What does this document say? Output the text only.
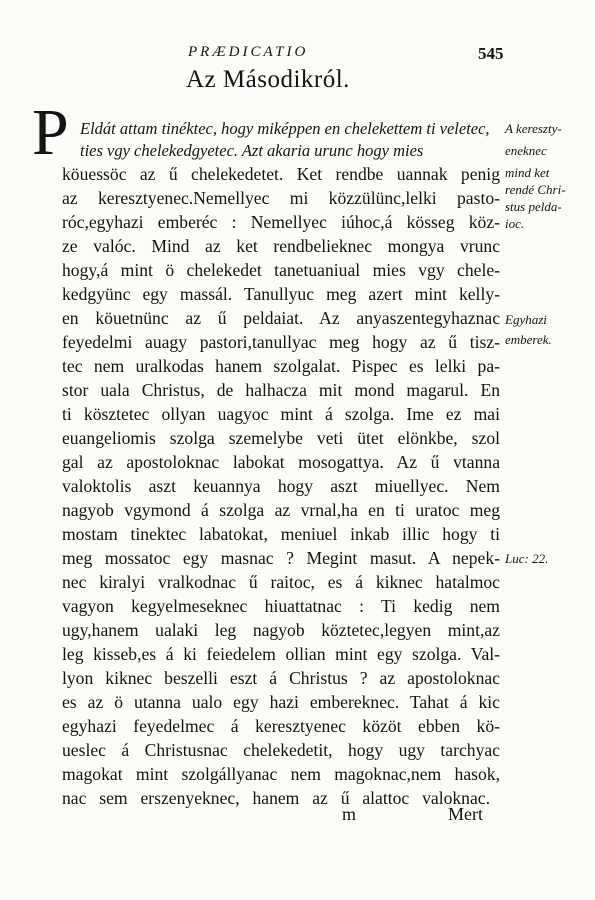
PRÆDICATIO	545
Az Másodikról.
P Eldát attam tinéktec, hogy miképpen en chelekettem ti veletec,
ties vgy chelekedgyetec. Azt akaria urunc hogy mies
köuessöc az ű chelekedetet. Ket rendbe uannak penig
az keresztyenec.Nemellyec mi közzülünc,lelki pasto-
róc,egyhazi emberéc : Nemellyec iúhoc,á kösseg köz-
ze valóc. Mind az ket rendbelieknec mongya vrunc
hogy,á mint ö chelekedet tanetuaniual mies vgy chele-
kedgyünc egy massál. Tanullyuc meg azert mint kelly-
en köuetnünc az ű peldaiat. Az anyaszentegyhaznac
feyedelmi auagy pastori,tanullyac meg hogy az ű tisz-
tec nem uralkodas hanem szolgalat. Pispec es lelki pa-
stor uala Christus, de halhacza mit mond magarul. En
ti kösztetec ollyan uagyoc mint á szolga. Ime ez mai
euangeliomis szolga szemelybe veti ütet elönkbe, szol
gal az apostoloknac labokat mosogattya. Az ű vtanna
valoktolis aszt keuannya hogy aszt miuellyec. Nem
nagyob vgymond á szolga az vrnal,ha en ti uratoc meg
mostam tinektec labatokat, meniuel inkab illic hogy ti
meg mossatoc egy masnac ? Megint masut. A nepek-
nec kiralyi vralkodnac ű raitoc, es á kiknec hatalmoc
vagyon kegyelmeseknec hiuattatnac : Ti kedig nem
ugy,hanem ualaki leg nagyob köztetec,legyen mint,az
leg kisseb,es á ki feiedelem ollian mint egy szolga. Val-
lyon kiknec beszelli eszt á Christus ? az apostoloknac
es az ö utanna ualo egy hazi embereknec. Tahat á kic
egyhazi feyedelmec á keresztyenec közöt ebben kö-
ueslec á Christusnac chelekedetit, hogy ugy tarchyac
magokat mint szolgállyanac nem magoknac,nem hasok,
nac sem erszenyeknec, hanem az ű alattoc valoknac.
A kereszty-
eneknec
mind ket
rendé Chri-
stus pelda-
ioc.
Egyhazi
emberek.
Luc: 22.
m	Mert
